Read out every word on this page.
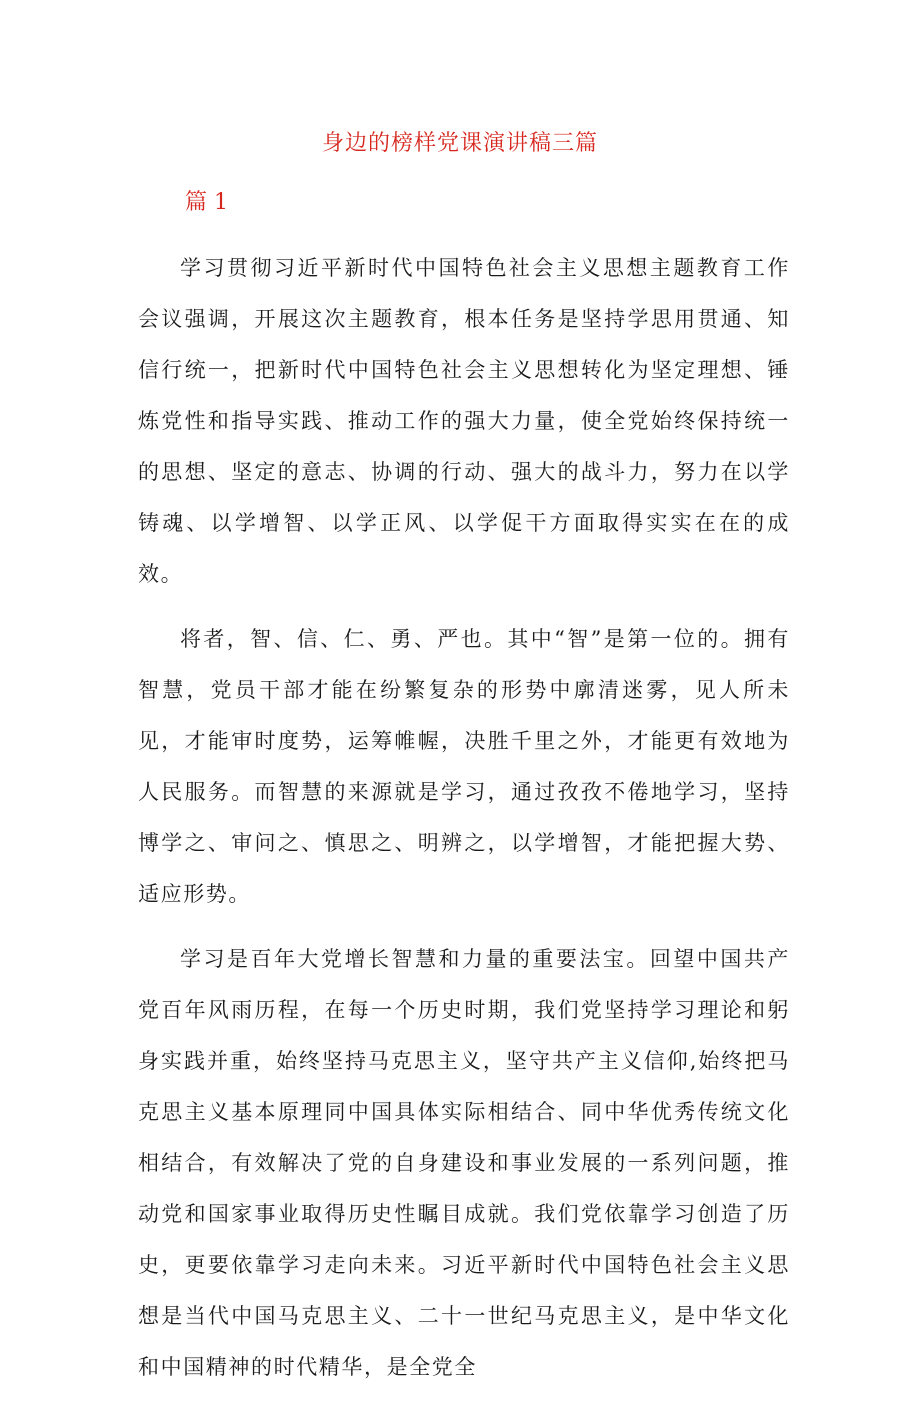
身边的榜样党课演讲稿三篇
篇 1

学习贯彻习近平新时代中国特色社会主义思想主题教育工作会议强调，开展这次主题教育，根本任务是坚持学思用贯通、知信行统一，把新时代中国特色社会主义思想转化为坚定理想、锤炼党性和指导实践、推动工作的强大力量，使全党始终保持统一的思想、坚定的意志、协调的行动、强大的战斗力，努力在以学铸魂、以学增智、以学正风、以学促干方面取得实实在在的成效。

将者，智、信、仁、勇、严也。其中“智”是第一位的。拥有智慧，党员干部才能在纷繁复杂的形势中廓清迷雾，见人所未见，才能审时度势，运筹帷幄，决胜千里之外，才能更有效地为人民服务。而智慧的来源就是学习，通过孜孜不倦地学习，坚持博学之、审问之、慎思之、明辨之，以学增智，才能把握大势、适应形势。

学习是百年大党增长智慧和力量的重要法宝。回望中国共产党百年风雨历程，在每一个历史时期，我们党坚持学习理论和躬身实践并重，始终坚持马克思主义，坚守共产主义信仰,始终把马克思主义基本原理同中国具体实际相结合、同中华优秀传统文化相结合，有效解决了党的自身建设和事业发展的一系列问题，推动党和国家事业取得历史性瞩目成就。我们党依靠学习创造了历史，更要依靠学习走向未来。习近平新时代中国特色社会主义思想是当代中国马克思主义、二十一世纪马克思主义，是中华文化和中国精神的时代精华，是全党全
